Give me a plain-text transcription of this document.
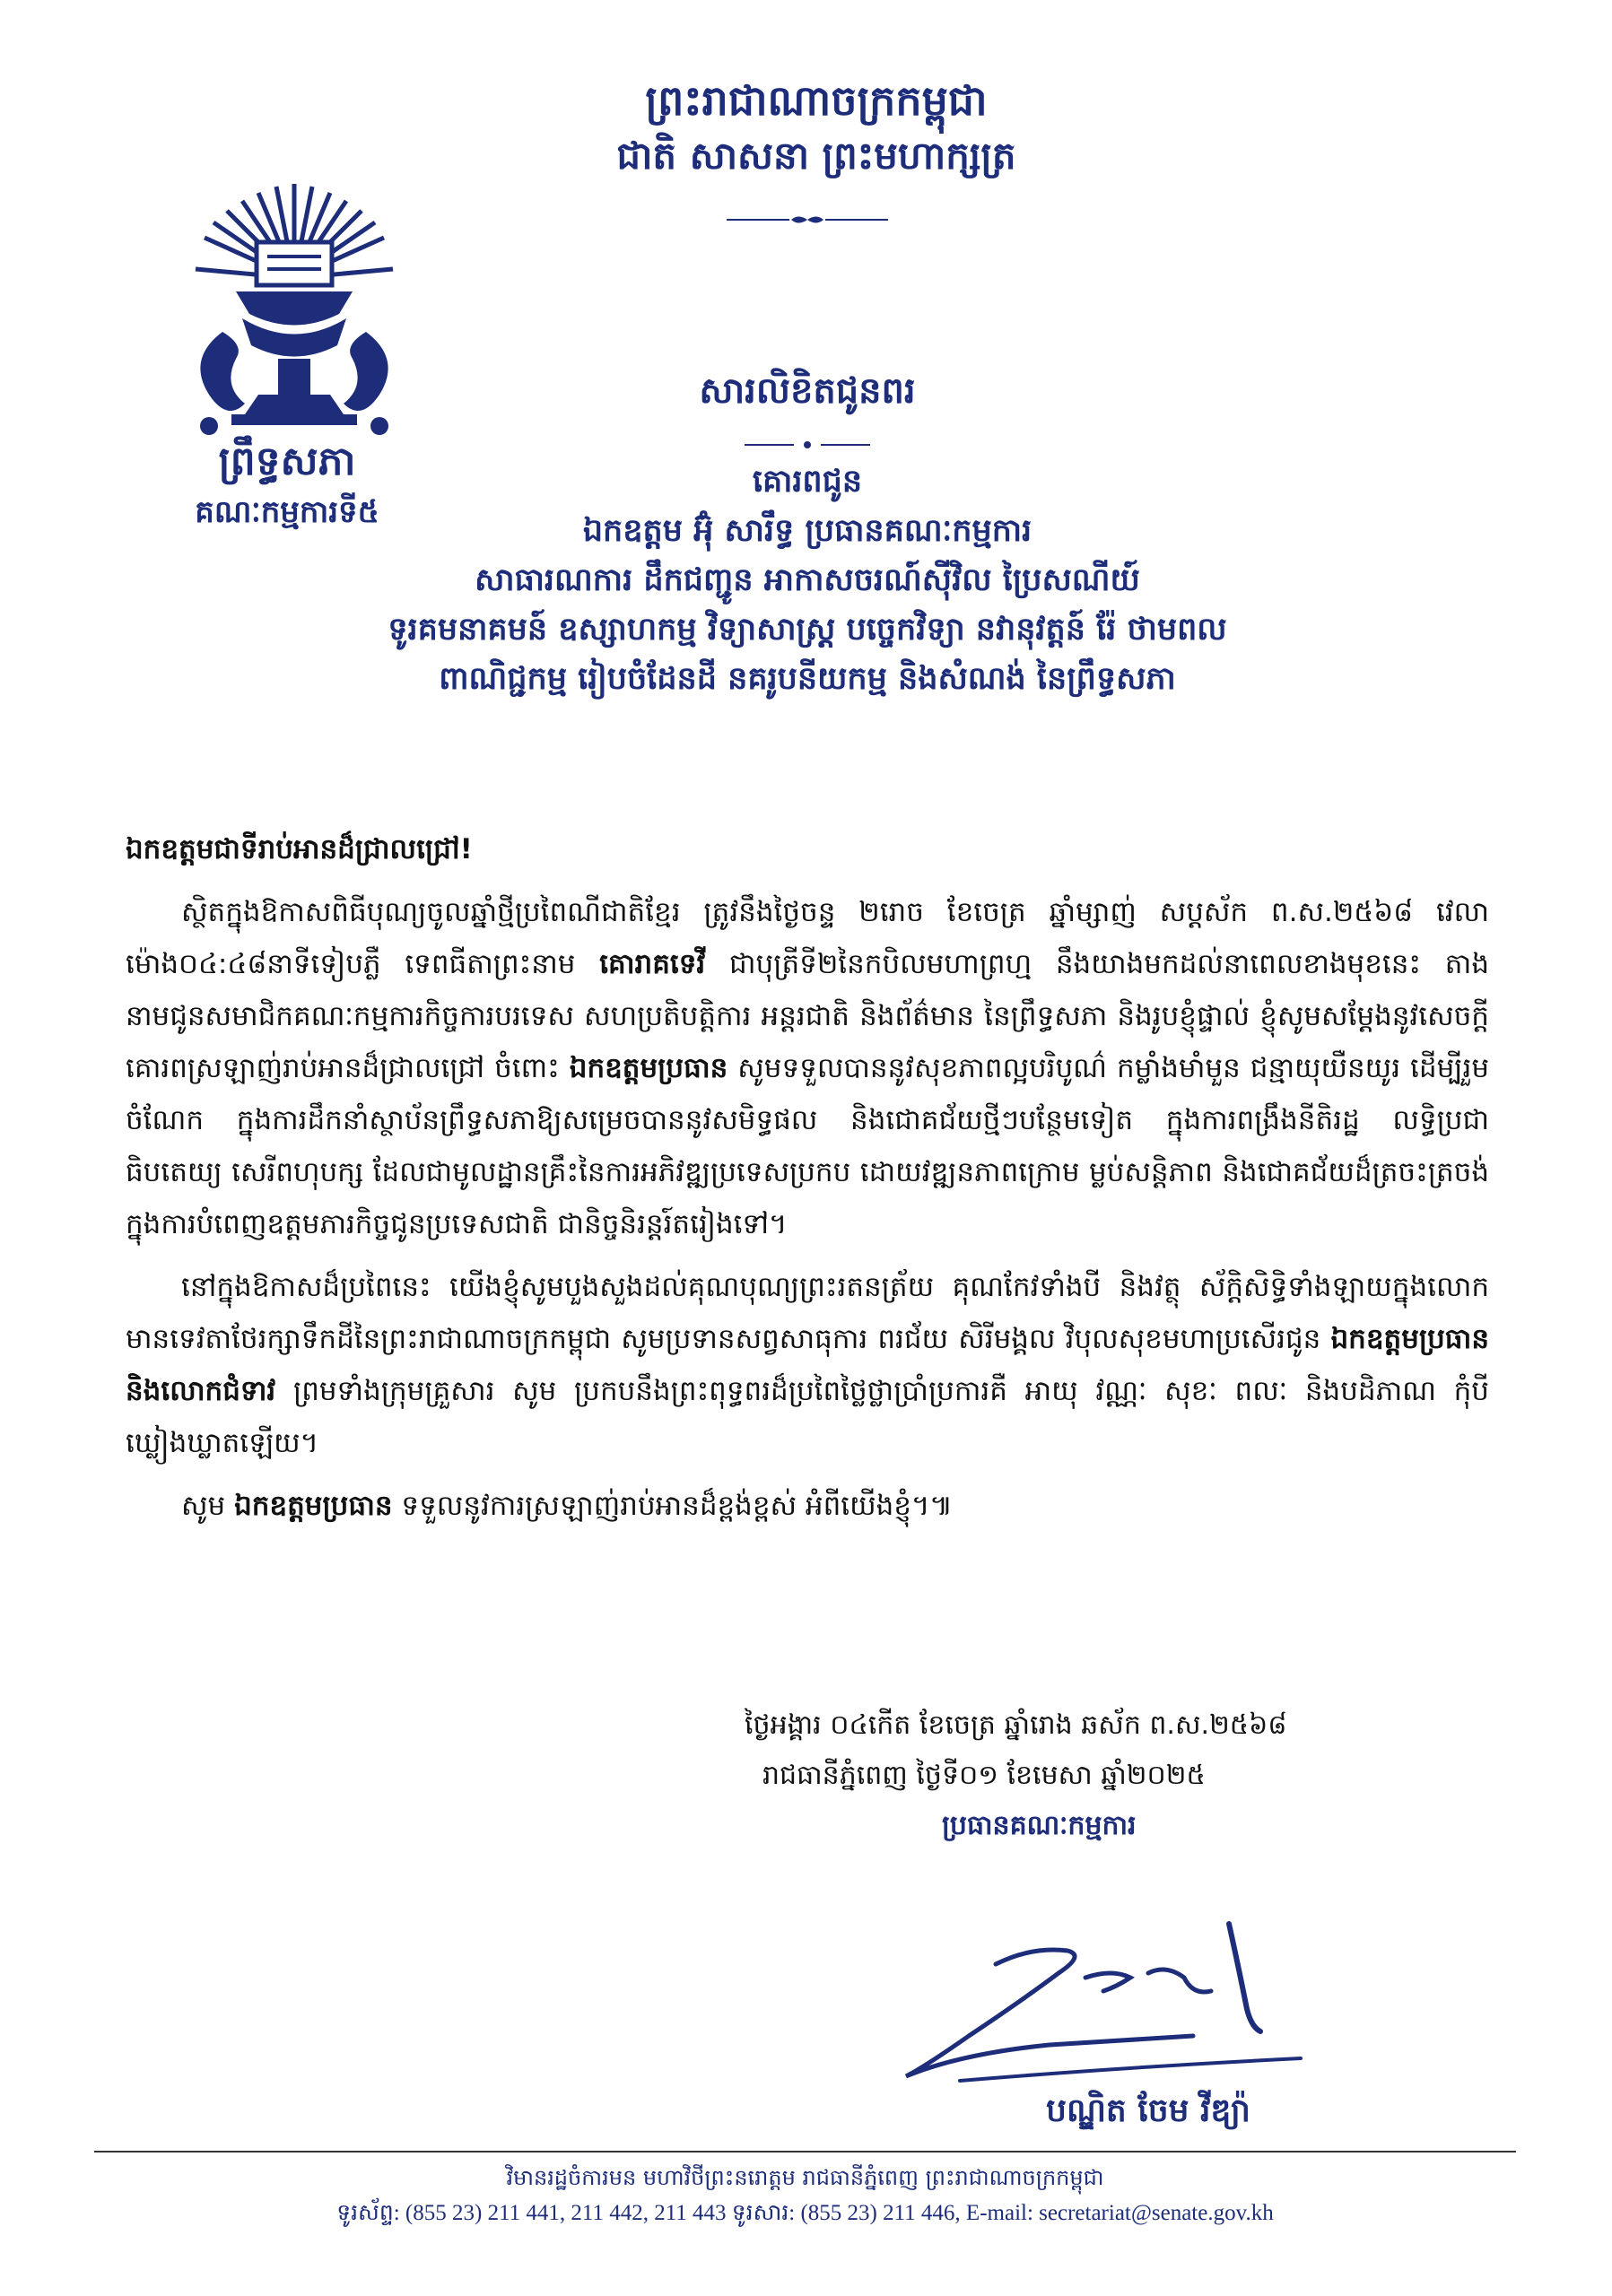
ព្រះរាជាណាចក្រកម្ពុជា
ជាតិ សាសនា ព្រះមហាក្សត្រ
ព្រឹទ្ធសភា
គណៈកម្មការទី៥
សារលិខិតជូនពរ
គោរពជូន
ឯកឧត្តម អ៊ុំ សារឹទ្ធ ប្រធានគណៈកម្មការ
សាធារណការ ដឹកជញ្ជូន អាកាសចរណ៍ស៊ីវិល ប្រៃសណីយ៍
ទូរគមនាគមន៍ ឧស្សាហកម្ម វិទ្យាសាស្ត្រ បច្ចេកវិទ្យា នវានុវត្តន៍ រ៉ែ ថាមពល
ពាណិជ្ជកម្ម រៀបចំដែនដី នគរូបនីយកម្ម និងសំណង់ នៃព្រឹទ្ធសភា

ឯកឧត្តមជាទីរាប់អានដ៏ជ្រាលជ្រៅ!

ស្ថិតក្នុងឱកាសពិធីបុណ្យចូលឆ្នាំថ្មីប្រពៃណីជាតិខ្មែរ ត្រូវនឹងថ្ងៃចន្ទ ២រោច ខែចេត្រ ឆ្នាំម្សាញ់ សប្តស័ក ព.ស.២៥៦៨ វេលាម៉ោង០៤:៤៨នាទីទៀបភ្លឺ ទេពធីតាព្រះនាម គោរាគទេវី ជាបុត្រីទី២នៃកបិលមហាព្រហ្ម នឹងយាងមកដល់នាពេលខាងមុខនេះ តាងនាមជូនសមាជិកគណៈកម្មការកិច្ចការបរទេស សហប្រតិបត្តិការ អន្តរជាតិ និងព័ត៌មាន នៃព្រឹទ្ធសភា និងរូបខ្ញុំផ្ទាល់ ខ្ញុំសូមសម្តែងនូវសេចក្តីគោរពស្រឡាញ់រាប់អានដ៏ជ្រាលជ្រៅ ចំពោះ ឯកឧត្តមប្រធាន សូមទទួលបាននូវសុខភាពល្អបរិបូណ៌ កម្លាំងមាំមួន ជន្មាយុយឺនយូរ ដើម្បីរួមចំណែក ក្នុងការដឹកនាំស្ថាប័នព្រឹទ្ធសភាឱ្យសម្រេចបាននូវសមិទ្ធផល និងជោគជ័យថ្មីៗបន្ថែមទៀត ក្នុងការពង្រឹងនីតិរដ្ឋ លទ្ធិប្រជាធិបតេយ្យ សេរីពហុបក្ស ដែលជាមូលដ្ឋានគ្រឹះនៃការអភិវឌ្ឍប្រទេសប្រកប ដោយវឌ្ឍនភាពក្រោម ម្លប់សន្តិភាព និងជោគជ័យដ៏ត្រចះត្រចង់ក្នុងការបំពេញឧត្តមភារកិច្ចជូនប្រទេសជាតិ ជានិច្ចនិរន្តរ៍តរៀងទៅ។

នៅក្នុងឱកាសដ៏ប្រពៃនេះ យើងខ្ញុំសូមបួងសួងដល់គុណបុណ្យព្រះរតនត្រ័យ គុណកែវទាំងបី និងវត្ថុ ស័ក្តិសិទ្ធិទាំងឡាយក្នុងលោក មានទេវតាថែរក្សាទឹកដីនៃព្រះរាជាណាចក្រកម្ពុជា សូមប្រទានសព្វសាធុការ ពរជ័យ សិរីមង្គល វិបុលសុខមហាប្រសើរជូន ឯកឧត្តមប្រធាន និងលោកជំទាវ ព្រមទាំងក្រុមគ្រួសារ សូម ប្រកបនឹងព្រះពុទ្ធពរដ៏ប្រពៃថ្លៃថ្លាប្រាំប្រការគឺ អាយុ វណ្ណៈ សុខៈ ពលៈ និងបដិភាណ កុំបីឃ្លៀងឃ្លាតឡើយ។

សូម ឯកឧត្តមប្រធាន ទទួលនូវការស្រឡាញ់រាប់អានដ៏ខ្ពង់ខ្ពស់ អំពីយើងខ្ញុំ។៕

ថ្ងៃអង្គារ ០៤កើត ខែចេត្រ ឆ្នាំរោង ឆស័ក ព.ស.២៥៦៨
រាជធានីភ្នំពេញ ថ្ងៃទី០១ ខែមេសា ឆ្នាំ២០២៥
ប្រធានគណៈកម្មការ
បណ្ឌិត ចែម វីឌ្យ៉ា
វិមានរដ្ឋចំការមន មហាវិថីព្រះនរោត្តម រាជធានីភ្នំពេញ ព្រះរាជាណាចក្រកម្ពុជា
ទូរស័ព្ទ: (855 23) 211 441, 211 442, 211 443 ទូរសារ: (855 23) 211 446, E-mail: secretariat@senate.gov.kh
